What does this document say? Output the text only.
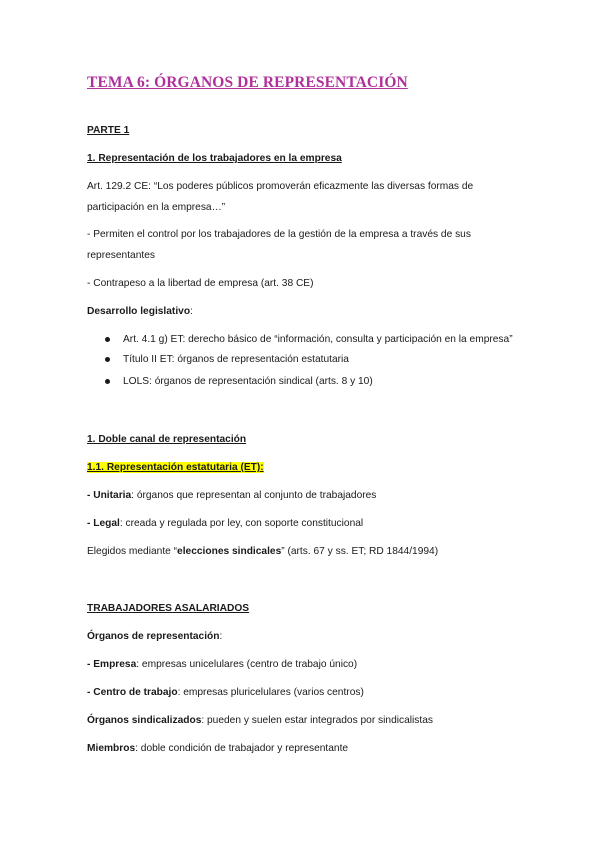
TEMA 6: ÓRGANOS DE REPRESENTACIÓN
PARTE 1
1. Representación de los trabajadores en la empresa
Art. 129.2 CE: “Los poderes públicos promoverán eficazmente las diversas formas de
participación en la empresa…”
- Permiten el control por los trabajadores de la gestión de la empresa a través de sus
representantes
- Contrapeso a la libertad de empresa (art. 38 CE)
Desarrollo legislativo:
Art. 4.1 g) ET: derecho básico de “información, consulta y participación en la empresa”
Título II ET: órganos de representación estatutaria
LOLS: órganos de representación sindical (arts. 8 y 10)
1. Doble canal de representación
1.1. Representación estatutaria (ET):
- Unitaria: órganos que representan al conjunto de trabajadores
- Legal: creada y regulada por ley, con soporte constitucional
Elegidos mediante “elecciones sindicales” (arts. 67 y ss. ET; RD 1844/1994)
TRABAJADORES ASALARIADOS
Órganos de representación:
- Empresa: empresas unicelulares (centro de trabajo único)
- Centro de trabajo: empresas pluricelulares (varios centros)
Órganos sindicalizados: pueden y suelen estar integrados por sindicalistas
Miembros: doble condición de trabajador y representante
